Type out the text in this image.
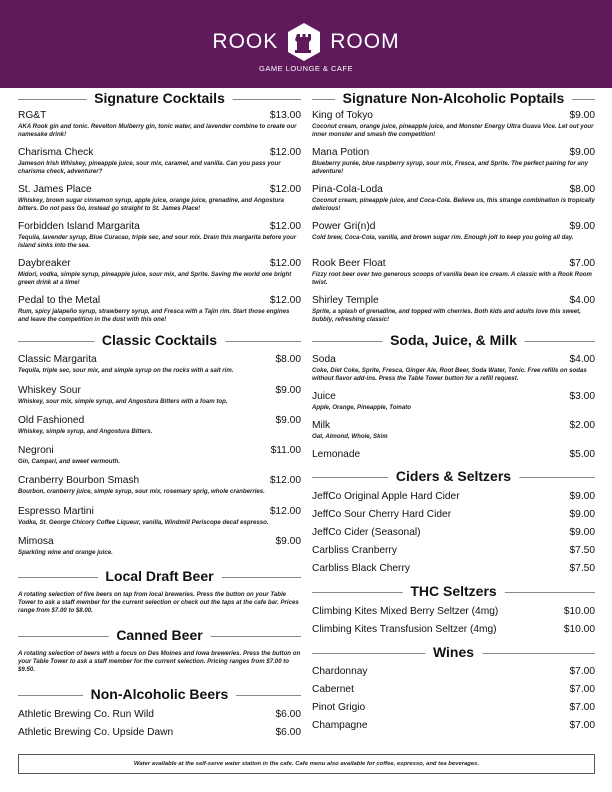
ROOK ROOM
GAME LOUNGE & CAFE
Signature Cocktails
RG&T	$13.00
AKA Rook gin and tonic. Revelton Mulberry gin, tonic water, and lavender combine to create our namesake drink!
Charisma Check	$12.00
Jameson Irish Whiskey, pineapple juice, sour mix, caramel, and vanilla. Can you pass your charisma check, adventurer?
St. James Place	$12.00
Whiskey, brown sugar cinnamon syrup, apple juice, orange juice, grenadine, and Angostura bitters. Do not pass Go, instead go straight to St. James Place!
Forbidden Island Margarita	$12.00
Tequila, lavender syrup, Blue Curacao, triple sec, and sour mix. Drain this margarita before your island sinks into the sea.
Daybreaker	$12.00
Midori, vodka, simple syrup, pineapple juice, sour mix, and Sprite. Saving the world one bright green drink at a time!
Pedal to the Metal	$12.00
Rum, spicy jalapeño syrup, strawberry syrup, and Fresca with a Tajin rim. Start those engines and leave the competition in the dust with this one!
Classic Cocktails
Classic Margarita	$8.00
Tequila, triple sec, sour mix, and simple syrup on the rocks with a salt rim.
Whiskey Sour	$9.00
Whiskey, sour mix, simple syrup, and Angostura Bitters with a foam top.
Old Fashioned	$9.00
Whiskey, simple syrup, and Angostura Bitters.
Negroni	$11.00
Gin, Campari, and sweet vermouth.
Cranberry Bourbon Smash	$12.00
Bourbon, cranberry juice, simple syrup, sour mix, rosemary sprig, whole cranberries.
Espresso Martini	$12.00
Vodka, St. George Chicory Coffee Liqueur, vanilla, Windmill Periscope decaf espresso.
Mimosa	$9.00
Sparkling wine and orange juice.
Local Draft Beer
A rotating selection of five beers on tap from local breweries. Press the button on your Table Tower to ask a staff member for the current selection or check out the taps at the cafe bar. Prices range from $7.00 to $8.00.
Canned Beer
A rotating selection of beers with a focus on Des Moines and Iowa breweries. Press the button on your Table Tower to ask a staff member for the current selection. Pricing ranges from $7.00 to $9.50.
Non-Alcoholic Beers
Athletic Brewing Co. Run Wild	$6.00
Athletic Brewing Co. Upside Dawn	$6.00
Signature Non-Alcoholic Poptails
King of Tokyo	$9.00
Coconut cream, orange juice, pineapple juice, and Monster Energy Ultra Guava Vice. Let out your inner monster and smash the competition!
Mana Potion	$9.00
Blueberry purée, blue raspberry syrup, sour mix, Fresca, and Sprite. The perfect pairing for any adventure!
Pina-Cola-Loda	$8.00
Coconut cream, pineapple juice, and Coca-Cola. Believe us, this strange combination is tropically delicious!
Power Gri(n)d	$9.00
Cold brew, Coca-Cola, vanilla, and brown sugar rim. Enough jolt to keep you going all day.
Rook Beer Float	$7.00
Fizzy root beer over two generous scoops of vanilla bean ice cream. A classic with a Rook Room twist.
Shirley Temple	$4.00
Sprite, a splash of grenadine, and topped with cherries. Both kids and adults love this sweet, bubbly, refreshing classic!
Soda, Juice, & Milk
Soda	$4.00
Coke, Diet Coke, Sprite, Fresca, Ginger Ale, Root Beer, Soda Water, Tonic. Free refills on sodas without flavor add-ins. Press the Table Tower button for a refill request.
Juice	$3.00
Apple, Orange, Pineapple, Tomato
Milk	$2.00
Oat, Almond, Whole, Skim
Lemonade	$5.00
Ciders & Seltzers
JeffCo Original Apple Hard Cider	$9.00
JeffCo Sour Cherry Hard Cider	$9.00
JeffCo Cider (Seasonal)	$9.00
Carbliss Cranberry	$7.50
Carbliss Black Cherry	$7.50
THC Seltzers
Climbing Kites Mixed Berry Seltzer (4mg)	$10.00
Climbing Kites Transfusion Seltzer (4mg)	$10.00
Wines
Chardonnay	$7.00
Cabernet	$7.00
Pinot Grigio	$7.00
Champagne	$7.00
Water available at the self-serve water station in the cafe. Cafe menu also available for coffee, espresso, and tea beverages.
